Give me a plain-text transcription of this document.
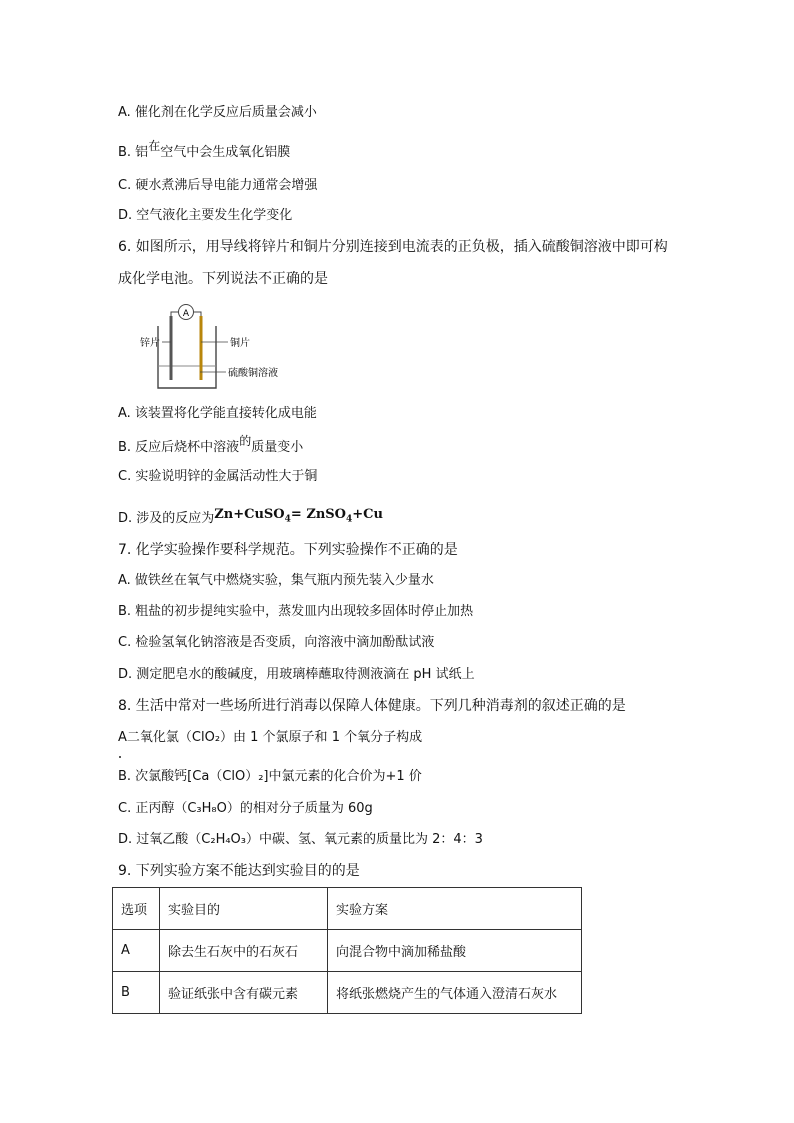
A. 催化剂在化学反应后质量会减小
B. 铝在空气中会生成氧化铝膜
C. 硬水煮沸后导电能力通常会增强
D. 空气液化主要发生化学变化
6. 如图所示，用导线将锌片和铜片分别连接到电流表的正负极，插入硫酸铜溶液中即可构
成化学电池。下列说法不正确的是
A
锌片	铜片
硫酸铜溶液
A. 该装置将化学能直接转化成电能
B. 反应后烧杯中溶液的质量变小
C. 实验说明锌的金属活动性大于铜
D. 涉及的反应为Zn+CuSO$_4$= ZnSO$_4$+Cu
7. 化学实验操作要科学规范。下列实验操作不正确的是
A. 做铁丝在氧气中燃烧实验，集气瓶内预先装入少量水
B. 粗盐的初步提纯实验中，蒸发皿内出现较多固体时停止加热
C. 检验氢氧化钠溶液是否变质，向溶液中滴加酚酞试液
D. 测定肥皂水的酸碱度，用玻璃棒蘸取待测液滴在 pH 试纸上
8. 生活中常对一些场所进行消毒以保障人体健康。下列几种消毒剂的叙述正确的是
A二氧化氯（ClO₂）由 1 个氯原子和 1 个氧分子构成
B. 次氯酸钙[Ca（ClO）₂]中氯元素的化合价为+1 价
C. 正丙醇（C₃H₈O）的相对分子质量为 60g
D. 过氧乙酸（C₂H₄O₃）中碳、氢、氧元素的质量比为 2：4：3
9. 下列实验方案不能达到实验目的的是
选项	实验目的	实验方案
A	除去生石灰中的石灰石	向混合物中滴加稀盐酸
B	验证纸张中含有碳元素	将纸张燃烧产生的气体通入澄清石灰水
